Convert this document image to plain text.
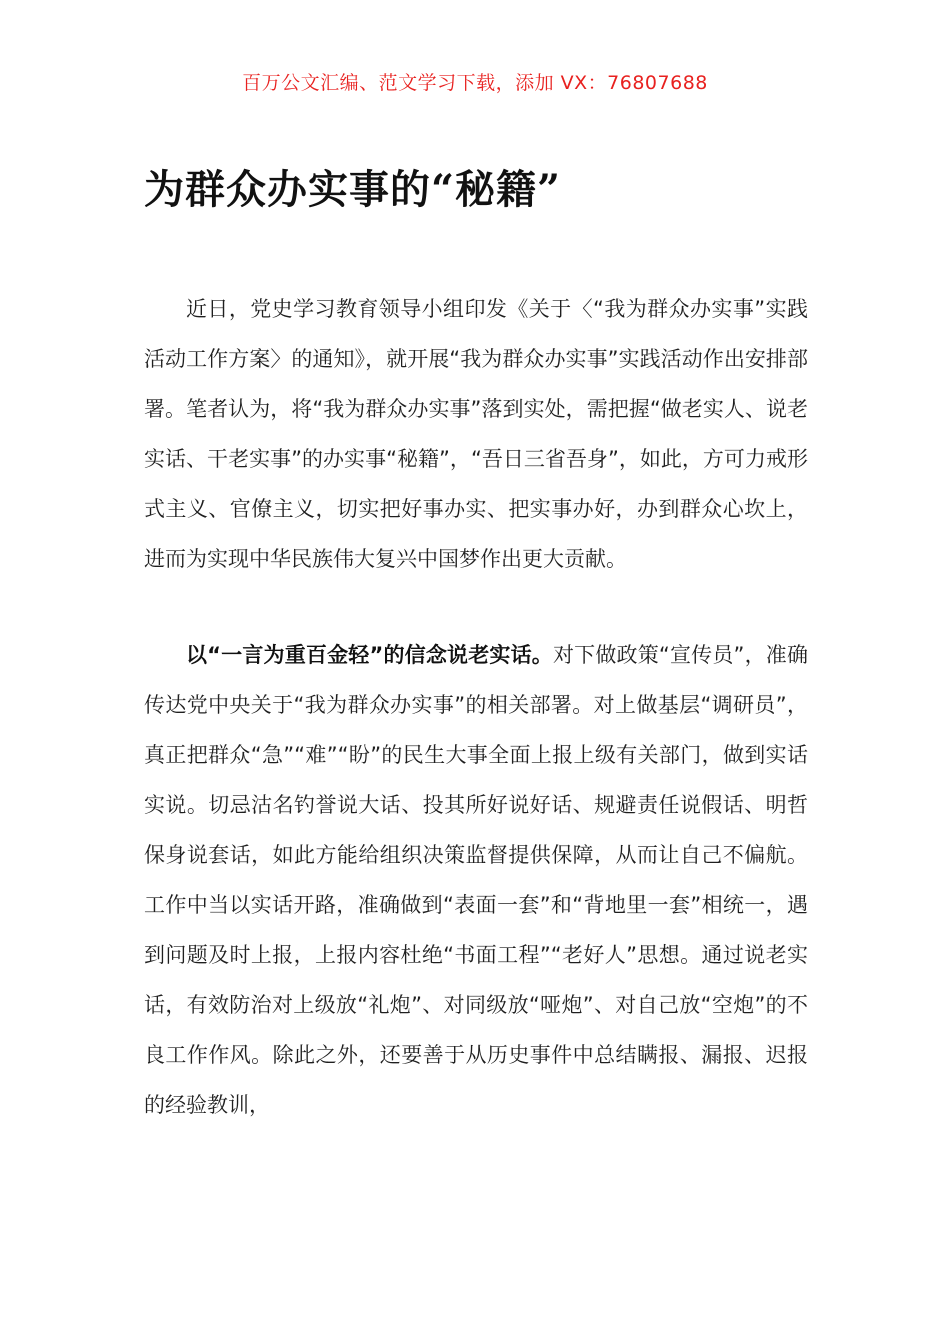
百万公文汇编、范文学习下载，添加 VX：76807688
为群众办实事的“秘籍”

近日，党史学习教育领导小组印发《关于〈“我为群众办实事”实践活动工作方案〉的通知》，就开展“我为群众办实事”实践活动作出安排部署。笔者认为，将“我为群众办实事”落到实处，需把握“做老实人、说老实话、干老实事”的办实事“秘籍”，“吾日三省吾身”，如此，方可力戒形式主义、官僚主义，切实把好事办实、把实事办好，办到群众心坎上，进而为实现中华民族伟大复兴中国梦作出更大贡献。

以“一言为重百金轻”的信念说老实话。对下做政策“宣传员”，准确传达党中央关于“我为群众办实事”的相关部署。对上做基层“调研员”，真正把群众“急”“难”“盼”的民生大事全面上报上级有关部门，做到实话实说。切忌沽名钓誉说大话、投其所好说好话、规避责任说假话、明哲保身说套话，如此方能给组织决策监督提供保障，从而让自己不偏航。工作中当以实话开路，准确做到“表面一套”和“背地里一套”相统一，遇到问题及时上报，上报内容杜绝“书面工程”“老好人”思想。通过说老实话，有效防治对上级放“礼炮”、对同级放“哑炮”、对自己放“空炮”的不良工作作风。除此之外，还要善于从历史事件中总结瞒报、漏报、迟报的经验教训，
